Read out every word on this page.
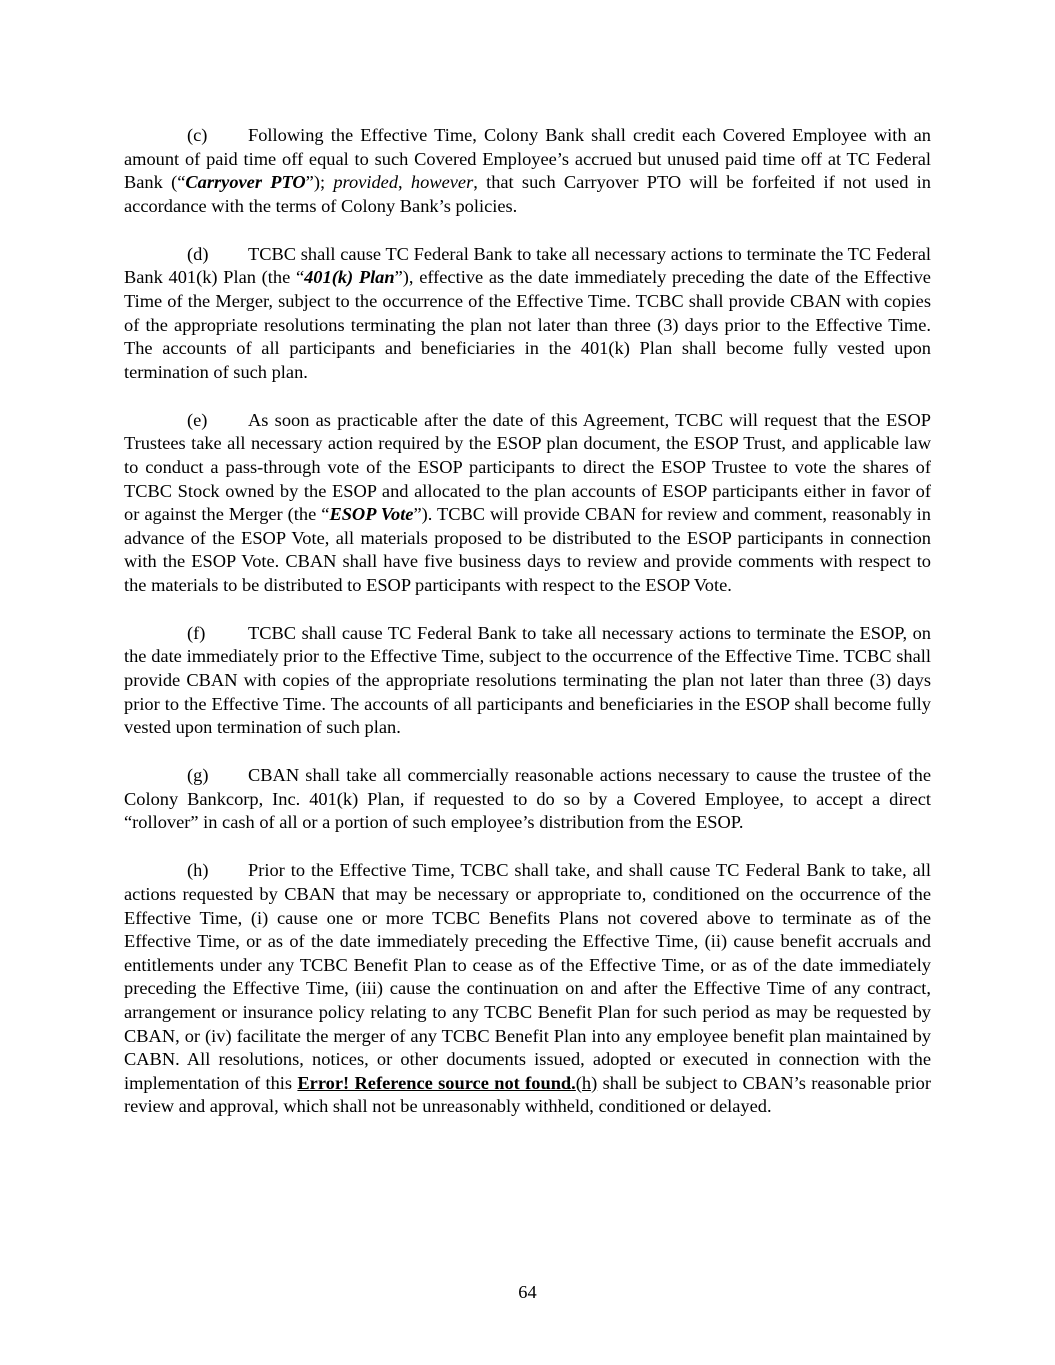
(c) Following the Effective Time, Colony Bank shall credit each Covered Employee with an amount of paid time off equal to such Covered Employee’s accrued but unused paid time off at TC Federal Bank (“Carryover PTO”); provided, however, that such Carryover PTO will be forfeited if not used in accordance with the terms of Colony Bank’s policies.

(d) TCBC shall cause TC Federal Bank to take all necessary actions to terminate the TC Federal Bank 401(k) Plan (the “401(k) Plan”), effective as the date immediately preceding the date of the Effective Time of the Merger, subject to the occurrence of the Effective Time. TCBC shall provide CBAN with copies of the appropriate resolutions terminating the plan not later than three (3) days prior to the Effective Time. The accounts of all participants and beneficiaries in the 401(k) Plan shall become fully vested upon termination of such plan.

(e) As soon as practicable after the date of this Agreement, TCBC will request that the ESOP Trustees take all necessary action required by the ESOP plan document, the ESOP Trust, and applicable law to conduct a pass-through vote of the ESOP participants to direct the ESOP Trustee to vote the shares of TCBC Stock owned by the ESOP and allocated to the plan accounts of ESOP participants either in favor of or against the Merger (the “ESOP Vote”). TCBC will provide CBAN for review and comment, reasonably in advance of the ESOP Vote, all materials proposed to be distributed to the ESOP participants in connection with the ESOP Vote. CBAN shall have five business days to review and provide comments with respect to the materials to be distributed to ESOP participants with respect to the ESOP Vote.

(f) TCBC shall cause TC Federal Bank to take all necessary actions to terminate the ESOP, on the date immediately prior to the Effective Time, subject to the occurrence of the Effective Time. TCBC shall provide CBAN with copies of the appropriate resolutions terminating the plan not later than three (3) days prior to the Effective Time. The accounts of all participants and beneficiaries in the ESOP shall become fully vested upon termination of such plan.

(g) CBAN shall take all commercially reasonable actions necessary to cause the trustee of the Colony Bankcorp, Inc. 401(k) Plan, if requested to do so by a Covered Employee, to accept a direct “rollover” in cash of all or a portion of such employee’s distribution from the ESOP.

(h) Prior to the Effective Time, TCBC shall take, and shall cause TC Federal Bank to take, all actions requested by CBAN that may be necessary or appropriate to, conditioned on the occurrence of the Effective Time, (i) cause one or more TCBC Benefits Plans not covered above to terminate as of the Effective Time, or as of the date immediately preceding the Effective Time, (ii) cause benefit accruals and entitlements under any TCBC Benefit Plan to cease as of the Effective Time, or as of the date immediately preceding the Effective Time, (iii) cause the continuation on and after the Effective Time of any contract, arrangement or insurance policy relating to any TCBC Benefit Plan for such period as may be requested by CBAN, or (iv) facilitate the merger of any TCBC Benefit Plan into any employee benefit plan maintained by CABN. All resolutions, notices, or other documents issued, adopted or executed in connection with the implementation of this Error! Reference source not found.(h) shall be subject to CBAN’s reasonable prior review and approval, which shall not be unreasonably withheld, conditioned or delayed.

64
